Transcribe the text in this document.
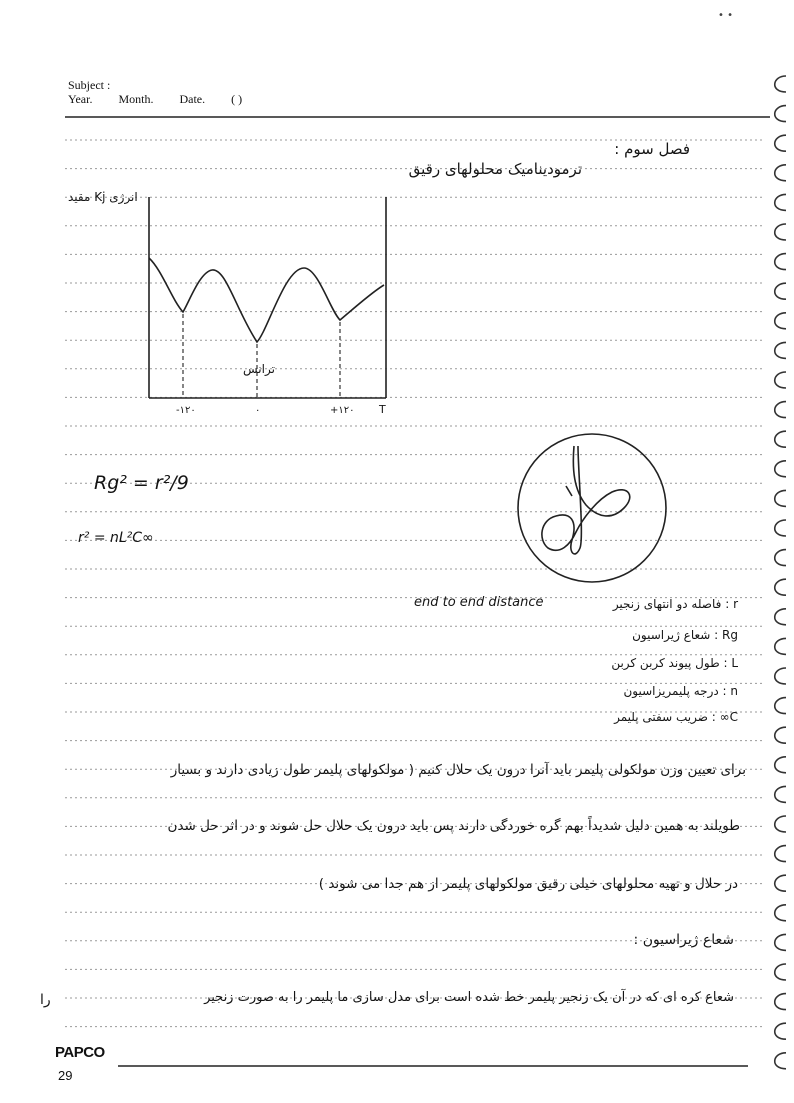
• •
Subject :
Year. Month. Date. ( )
فصل سوم :
ترمودینامیک محلولهای رقیق
انرژی Kj مقید
ترانس
-۱۲۰	۰	+۱۲۰ T
Rg² = r²/9
r² = nL²C∞
end to end distance	r : فاصله دو انتهای زنجیر
Rg : شعاع ژیراسیون
L : طول پیوند کربن کربن
n : درجه پلیمریزاسیون
C∞ : ضریب سفتی پلیمر
برای تعیین وزن مولکولی پلیمر باید آنرا درون یک حلال کنیم ( مولکولهای پلیمر طول زیادی دارند و بسیار
طویلند به همین دلیل شدیداً بهم گره خوردگی دارند پس باید درون یک حلال حل شوند و در اثر حل شدن
در حلال و تهیه محلولهای خیلی رقیق مولکولهای پلیمر از هم جدا می شوند )
شعاع ژیراسیون :
شعاع کره ای که در آن یک زنجیر پلیمر خط شده است برای مدل سازی ما پلیمر را به صورت زنجیر
را
PAPCO
29
